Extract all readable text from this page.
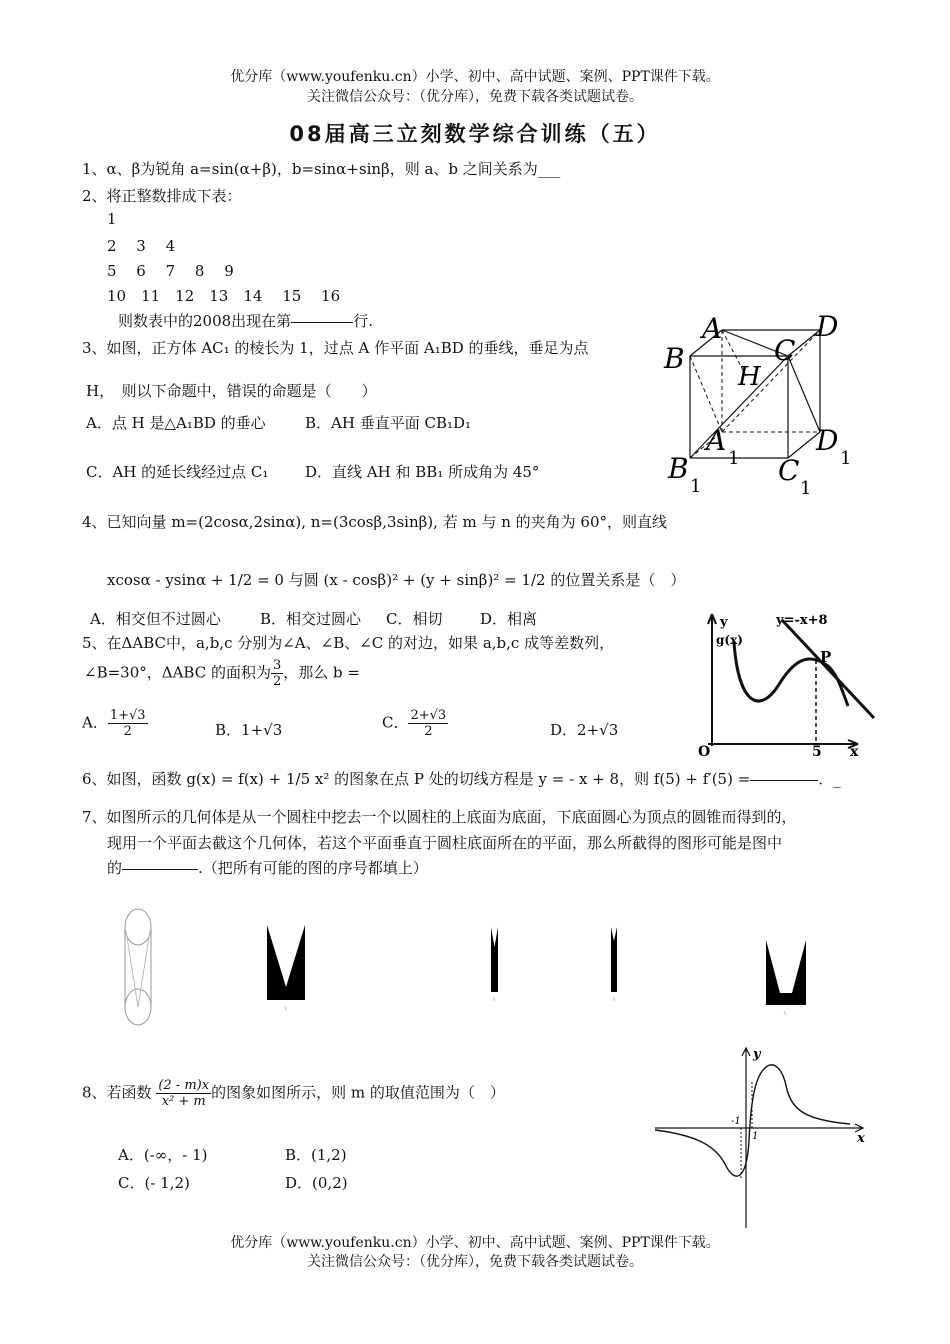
优分库（www.youfenku.cn）小学、初中、高中试题、案例、PPT课件下载。
关注微信公众号：（优分库），免费下载各类试题试卷。
08届高三立刻数学综合训练（五）
1、α、β为锐角 a=sin(α+β)，b=sinα+sinβ，则 a、b 之间关系为___
2、将正整数排成下表：
1
2　 3　 4
5　 6　 7　 8　 9
10　11　12　13　14　 15　 16
则数表中的2008出现在第	行.
3、如图，正方体 AC₁ 的棱长为 1，过点 A 作平面 A₁BD 的垂线，垂足为点
H，　则以下命题中，错误的命题是（　　）
A．点 H 是△A₁BD 的垂心	B．AH 垂直平面 CB₁D₁
C．AH 的延长线经过点 C₁ D．直线 AH 和 BB₁ 所成角为 45°
A	D
B	C
H
A
1
D
1
B
1	C
1
4、已知向量 m=(2cosα,2sinα), n=(3cosβ,3sinβ), 若 m 与 n 的夹角为 60°，则直线
xcosα - ysinα + 1/2 = 0 与圆 (x - cosβ)² + (y + sinβ)² = 1/2 的位置关系是（　）
A．相交但不过圆心	B．相交过圆心 C．相切	D．相离
5、在ΔABC中，a,b,c 分别为∠A、∠B、∠C 的对边，如果 a,b,c 成等差数列，
∠B=30°，ΔABC 的面积为 $\frac{3}{2}$ ，那么 b =
A． $\frac{1+√3}{2}$	B．1+√3	C． $\frac{2+√3}{2}$	D．2+√3
y
g(x)
y=-x+8
P
O	5 x
6、如图，函数 g(x) = f(x) + 1/5 x² 的图象在点 P 处的切线方程是 y = - x + 8，则 f(5) + f′(5) =	．_
7、如图所示的几何体是从一个圆柱中挖去一个以圆柱的上底面为底面，下底面圆心为顶点的圆锥而得到的，
现用一个平面去截这个几何体，若这个平面垂直于圆柱底面所在的平面，那么所截得的图形可能是图中
的	.（把所有可能的图的序号都填上）
y
x
-1
1
8、若函数 $\frac{(2 - m)x}{\text{x² + m}}$ 的图象如图所示，则 m 的取值范围为（　）
A．(-∞，- 1)	B．(1,2)
C．(- 1,2)	D．(0,2)
优分库（www.youfenku.cn）小学、初中、高中试题、案例、PPT课件下载。
关注微信公众号：（优分库），免费下载各类试题试卷。
